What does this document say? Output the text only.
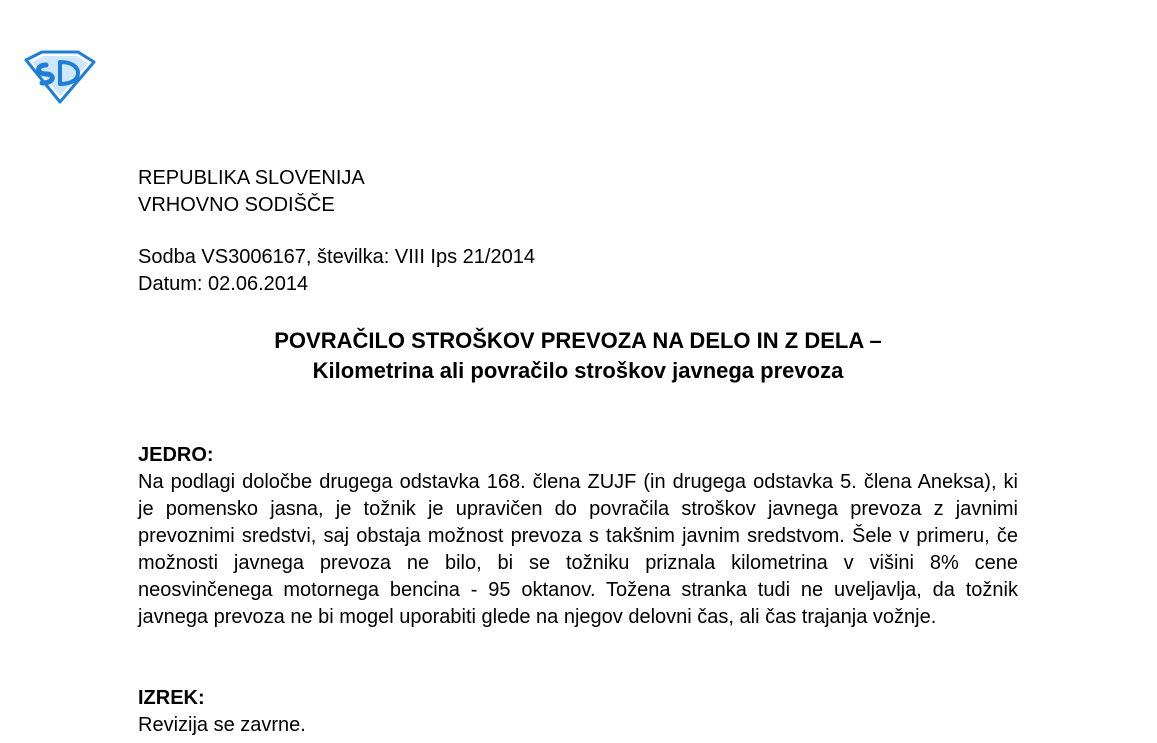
REPUBLIKA SLOVENIJA
VRHOVNO SODIŠČE
Sodba VS3006167, številka: VIII Ips 21/2014
Datum: 02.06.2014
POVRAČILO STROŠKOV PREVOZA NA DELO IN Z DELA –
Kilometrina ali povračilo stroškov javnega prevoza
JEDRO:
Na podlagi določbe drugega odstavka 168. člena ZUJF (in drugega odstavka 5. člena Aneksa), ki je pomensko jasna, je tožnik je upravičen do povračila stroškov javnega prevoza z javnimi prevoznimi sredstvi, saj obstaja možnost prevoza s takšnim javnim sredstvom. Šele v primeru, če možnosti javnega prevoza ne bilo, bi se tožniku priznala kilometrina v višini 8% cene neosvinčenega motornega bencina - 95 oktanov. Tožena stranka tudi ne uveljavlja, da tožnik javnega prevoza ne bi mogel uporabiti glede na njegov delovni čas, ali čas trajanja vožnje.
IZREK:
Revizija se zavrne.
